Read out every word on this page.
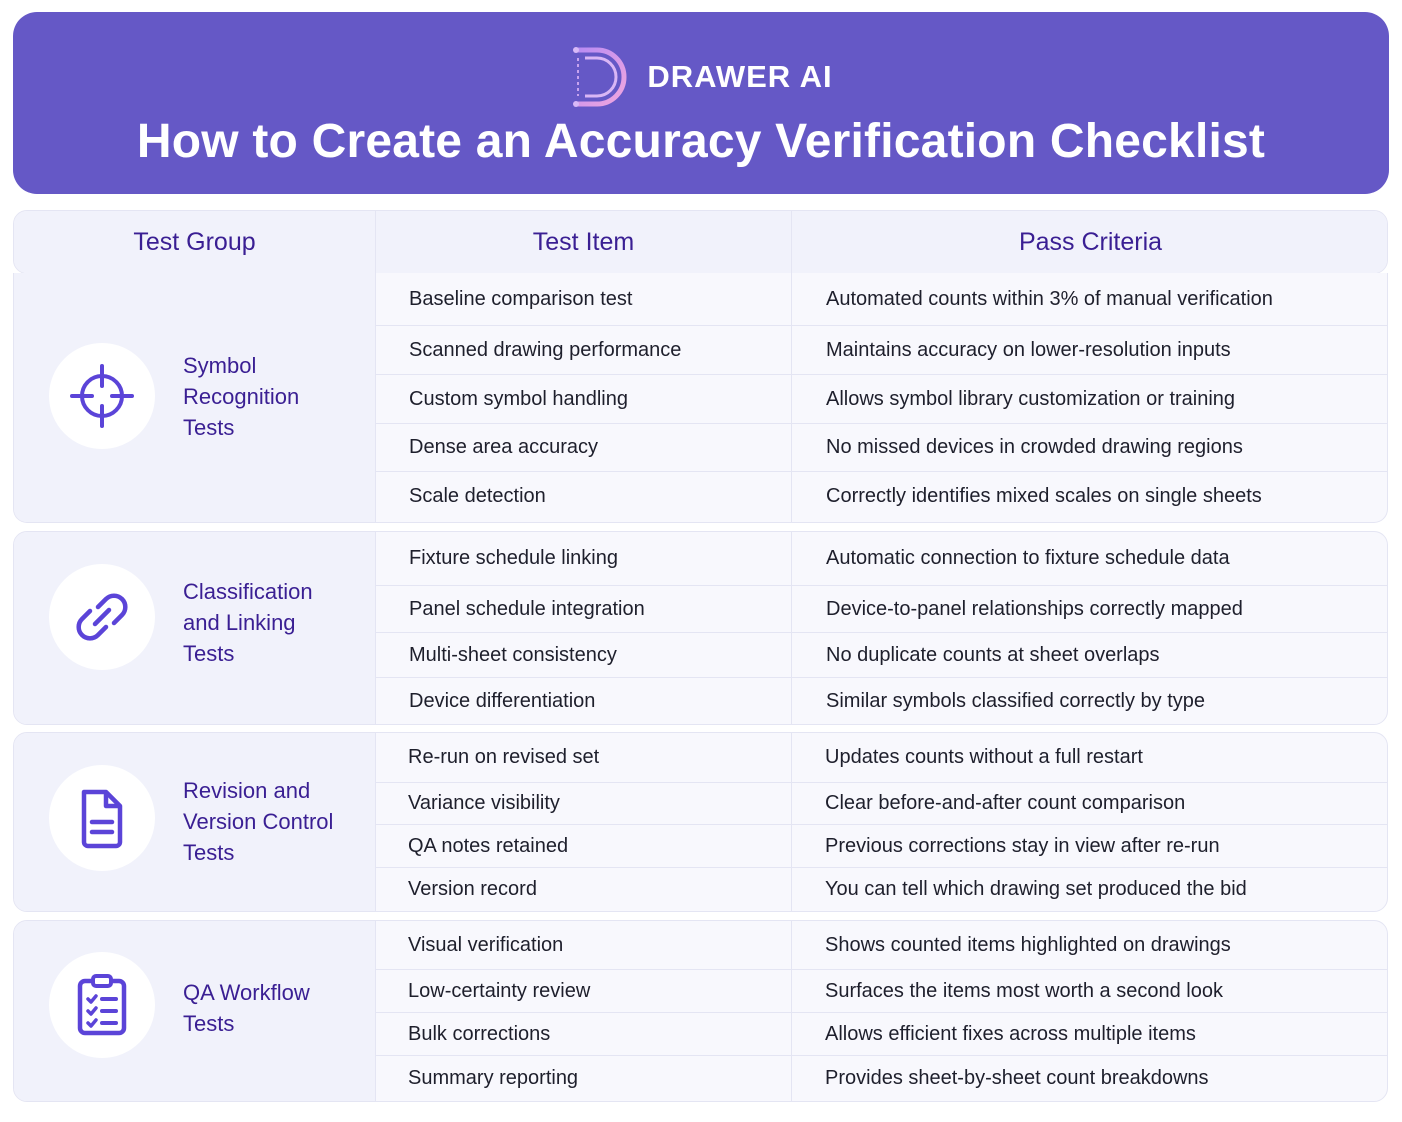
DRAWER AI
How to Create an Accuracy Verification Checklist
Test Group	Test Item	Pass Criteria
Symbol Recognition Tests
Baseline comparison test	Automated counts within 3% of manual verification
Scanned drawing performance	Maintains accuracy on lower-resolution inputs
Custom symbol handling	Allows symbol library customization or training
Dense area accuracy	No missed devices in crowded drawing regions
Scale detection	Correctly identifies mixed scales on single sheets
Classification and Linking Tests
Fixture schedule linking	Automatic connection to fixture schedule data
Panel schedule integration	Device-to-panel relationships correctly mapped
Multi-sheet consistency	No duplicate counts at sheet overlaps
Device differentiation	Similar symbols classified correctly by type
Revision and Version Control Tests
Re-run on revised set	Updates counts without a full restart
Variance visibility	Clear before-and-after count comparison
QA notes retained	Previous corrections stay in view after re-run
Version record	You can tell which drawing set produced the bid
QA Workflow Tests
Visual verification	Shows counted items highlighted on drawings
Low-certainty review	Surfaces the items most worth a second look
Bulk corrections	Allows efficient fixes across multiple items
Summary reporting	Provides sheet-by-sheet count breakdowns
